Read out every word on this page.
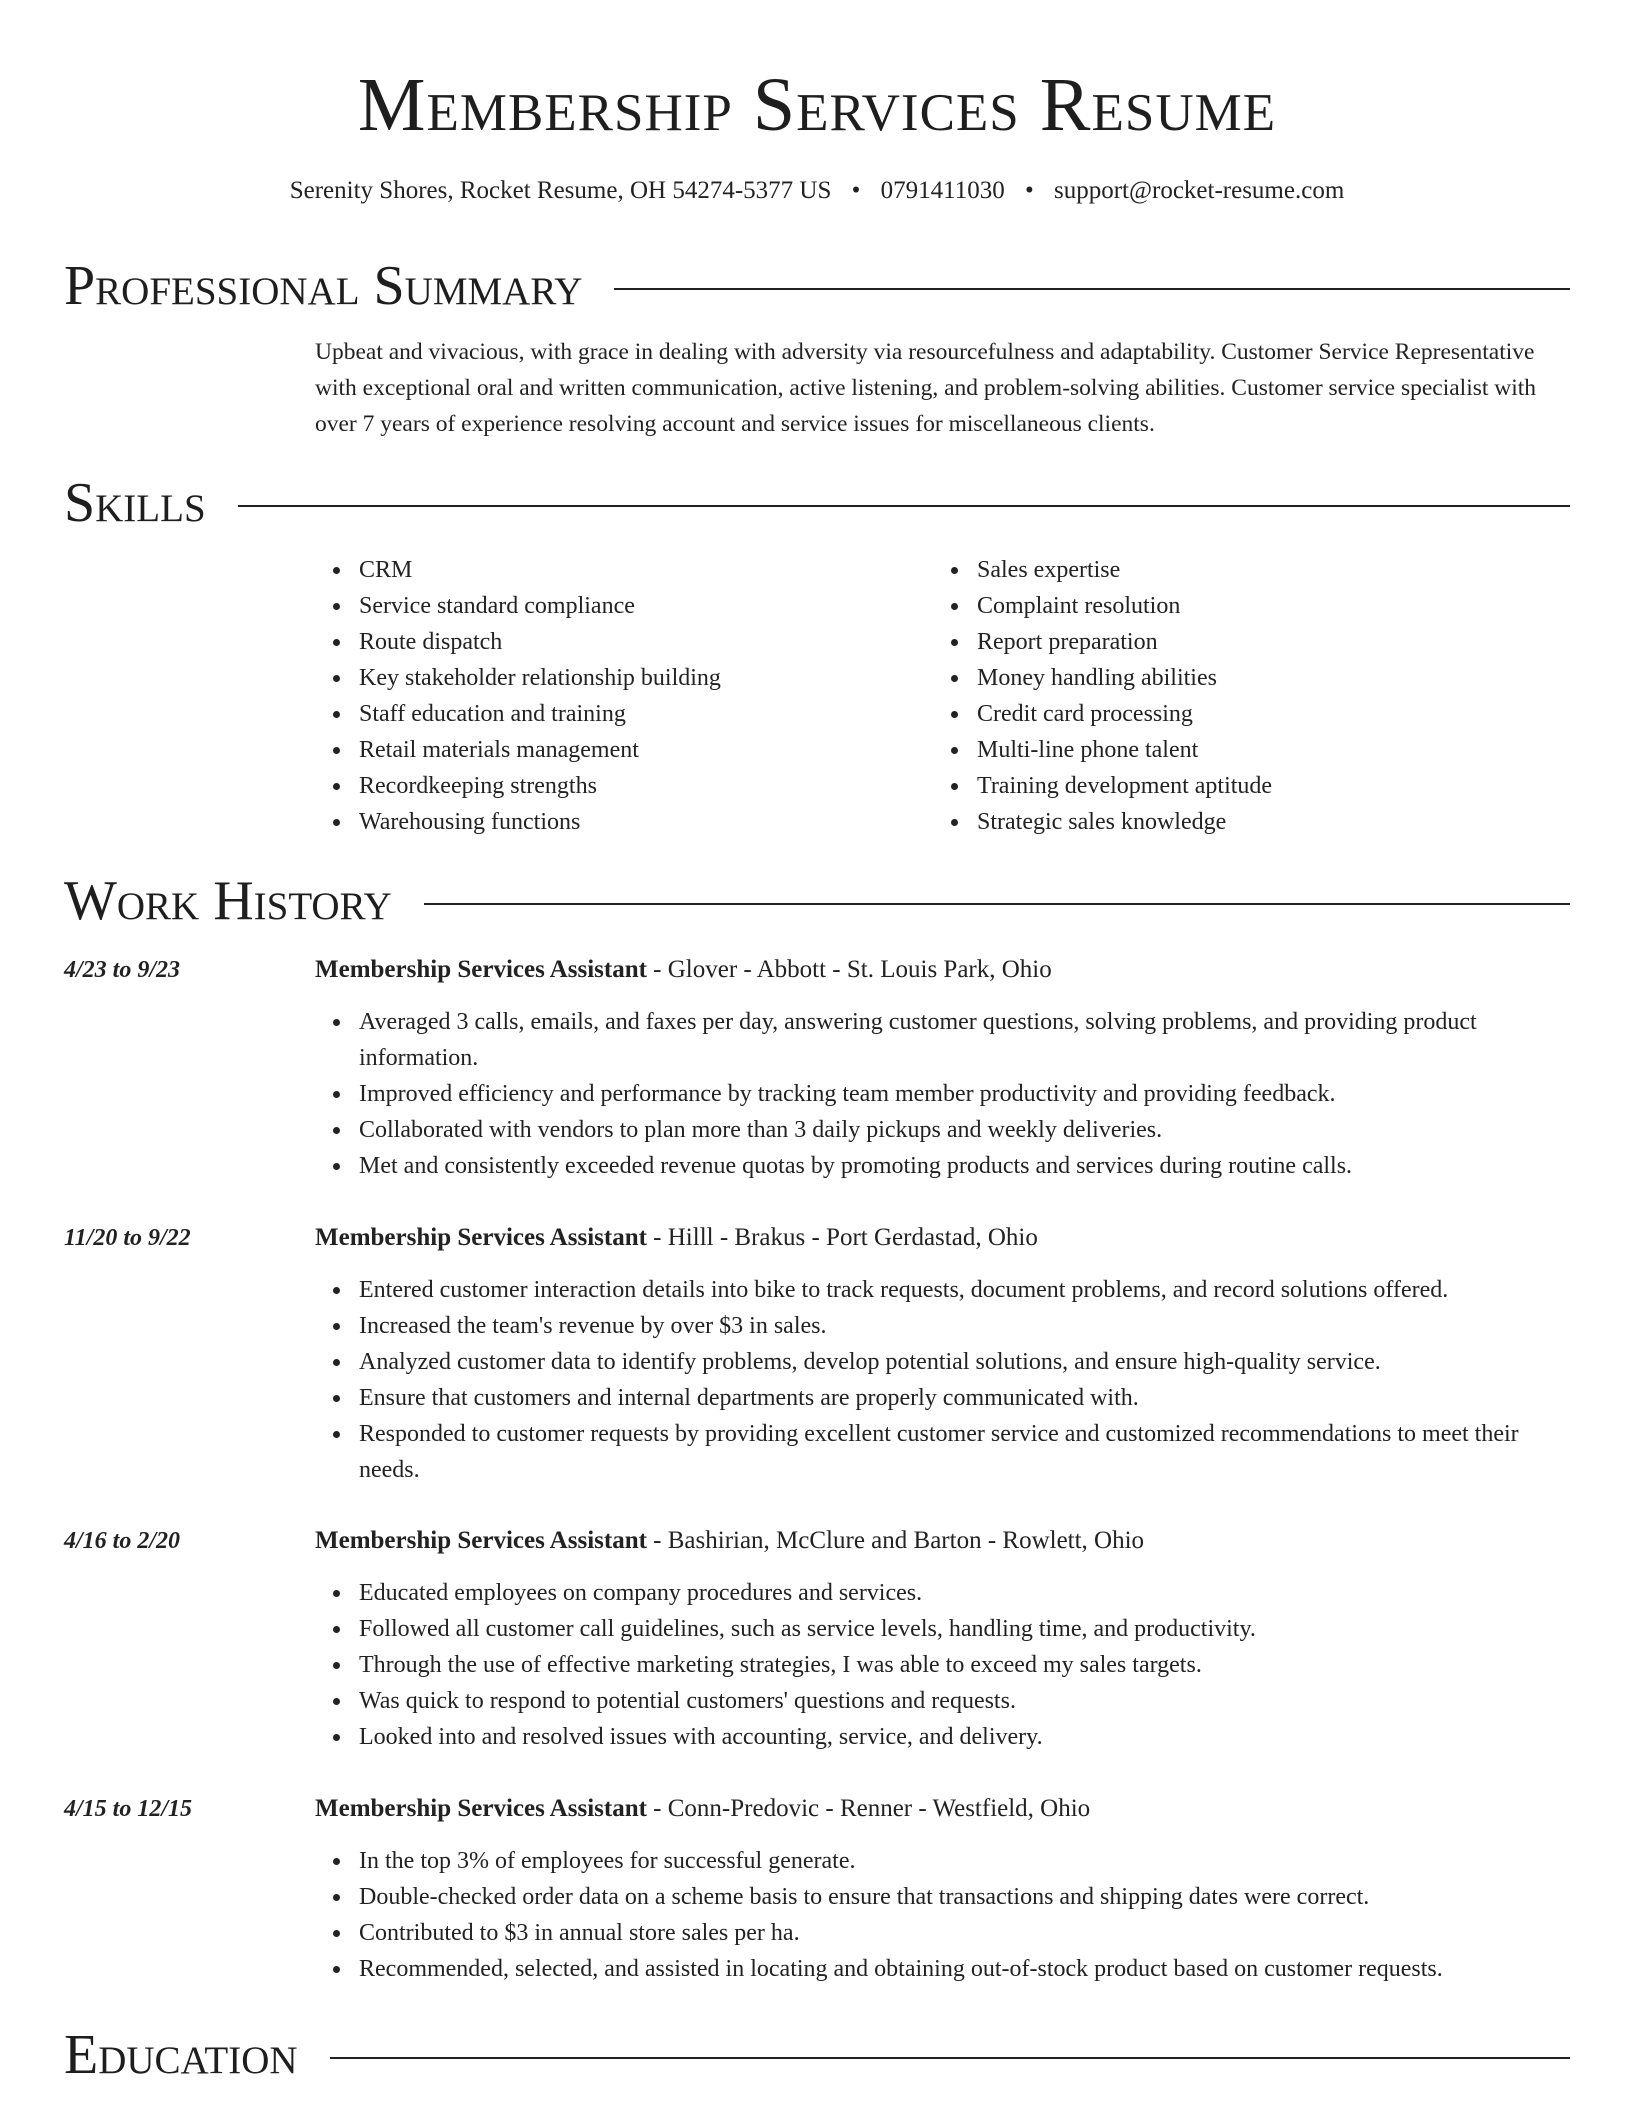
Membership Services Resume
Serenity Shores, Rocket Resume, OH 54274-5377 US • 0791411030 • support@rocket-resume.com
Professional Summary

Upbeat and vivacious, with grace in dealing with adversity via resourcefulness and adaptability. Customer Service Representative with exceptional oral and written communication, active listening, and problem-solving abilities. Customer service specialist with over 7 years of experience resolving account and service issues for miscellaneous clients.

Skills
CRM
Service standard compliance
Route dispatch
Key stakeholder relationship building
Staff education and training
Retail materials management
Recordkeeping strengths
Warehousing functions
Sales expertise
Complaint resolution
Report preparation
Money handling abilities
Credit card processing
Multi-line phone talent
Training development aptitude
Strategic sales knowledge
Work History
4/23 to 9/23	Membership Services Assistant - Glover - Abbott - St. Louis Park, Ohio
Averaged 3 calls, emails, and faxes per day, answering customer questions, solving problems, and providing product information.
Improved efficiency and performance by tracking team member productivity and providing feedback.
Collaborated with vendors to plan more than 3 daily pickups and weekly deliveries.
Met and consistently exceeded revenue quotas by promoting products and services during routine calls.
11/20 to 9/22	Membership Services Assistant - Hilll - Brakus - Port Gerdastad, Ohio
Entered customer interaction details into bike to track requests, document problems, and record solutions offered.
Increased the team's revenue by over $3 in sales.
Analyzed customer data to identify problems, develop potential solutions, and ensure high-quality service.
Ensure that customers and internal departments are properly communicated with.
Responded to customer requests by providing excellent customer service and customized recommendations to meet their needs.
4/16 to 2/20	Membership Services Assistant - Bashirian, McClure and Barton - Rowlett, Ohio
Educated employees on company procedures and services.
Followed all customer call guidelines, such as service levels, handling time, and productivity.
Through the use of effective marketing strategies, I was able to exceed my sales targets.
Was quick to respond to potential customers' questions and requests.
Looked into and resolved issues with accounting, service, and delivery.
4/15 to 12/15	Membership Services Assistant - Conn-Predovic - Renner - Westfield, Ohio
In the top 3% of employees for successful generate.
Double-checked order data on a scheme basis to ensure that transactions and shipping dates were correct.
Contributed to $3 in annual store sales per ha.
Recommended, selected, and assisted in locating and obtaining out-of-stock product based on customer requests.
Education
